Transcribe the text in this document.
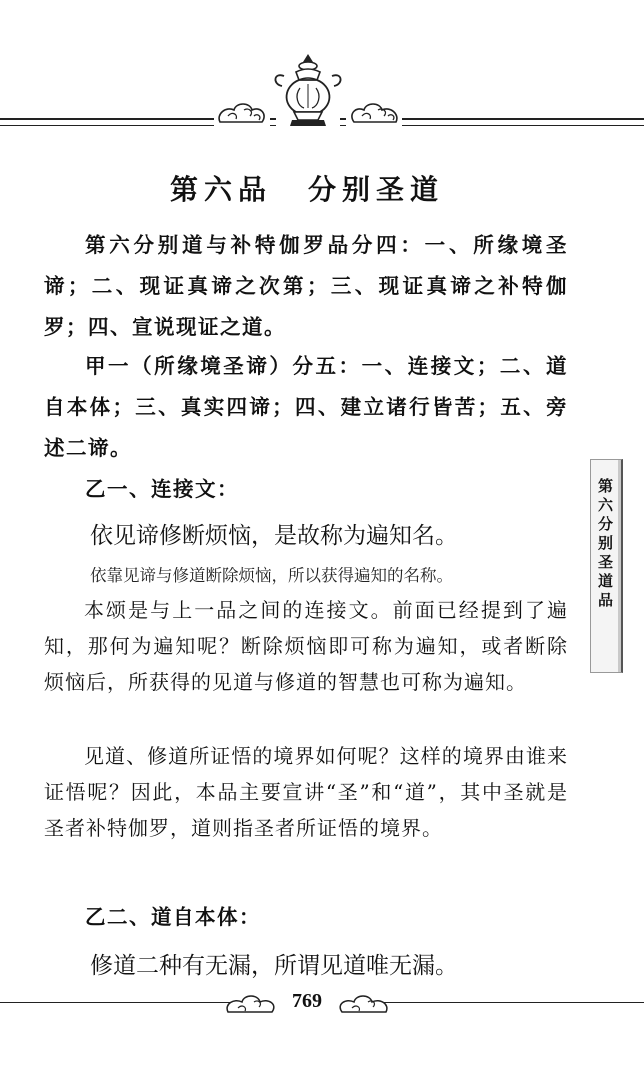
第六品 分别圣道

第六分别道与补特伽罗品分四：一、所缘境圣谛；二、现证真谛之次第；三、现证真谛之补特伽罗；四、宣说现证之道。

甲一（所缘境圣谛）分五：一、连接文；二、道自本体；三、真实四谛；四、建立诸行皆苦；五、旁述二谛。

乙一、连接文：

依见谛修断烦恼，是故称为遍知名。

依靠见谛与修道断除烦恼，所以获得遍知的名称。

本颂是与上一品之间的连接文。前面已经提到了遍知，那何为遍知呢？断除烦恼即可称为遍知，或者断除烦恼后，所获得的见道与修道的智慧也可称为遍知。

见道、修道所证悟的境界如何呢？这样的境界由谁来证悟呢？因此，本品主要宣讲“圣”和“道”，其中圣就是圣者补特伽罗，道则指圣者所证悟的境界。

乙二、道自本体：

修道二种有无漏，所谓见道唯无漏。

第六分别圣道品
769
